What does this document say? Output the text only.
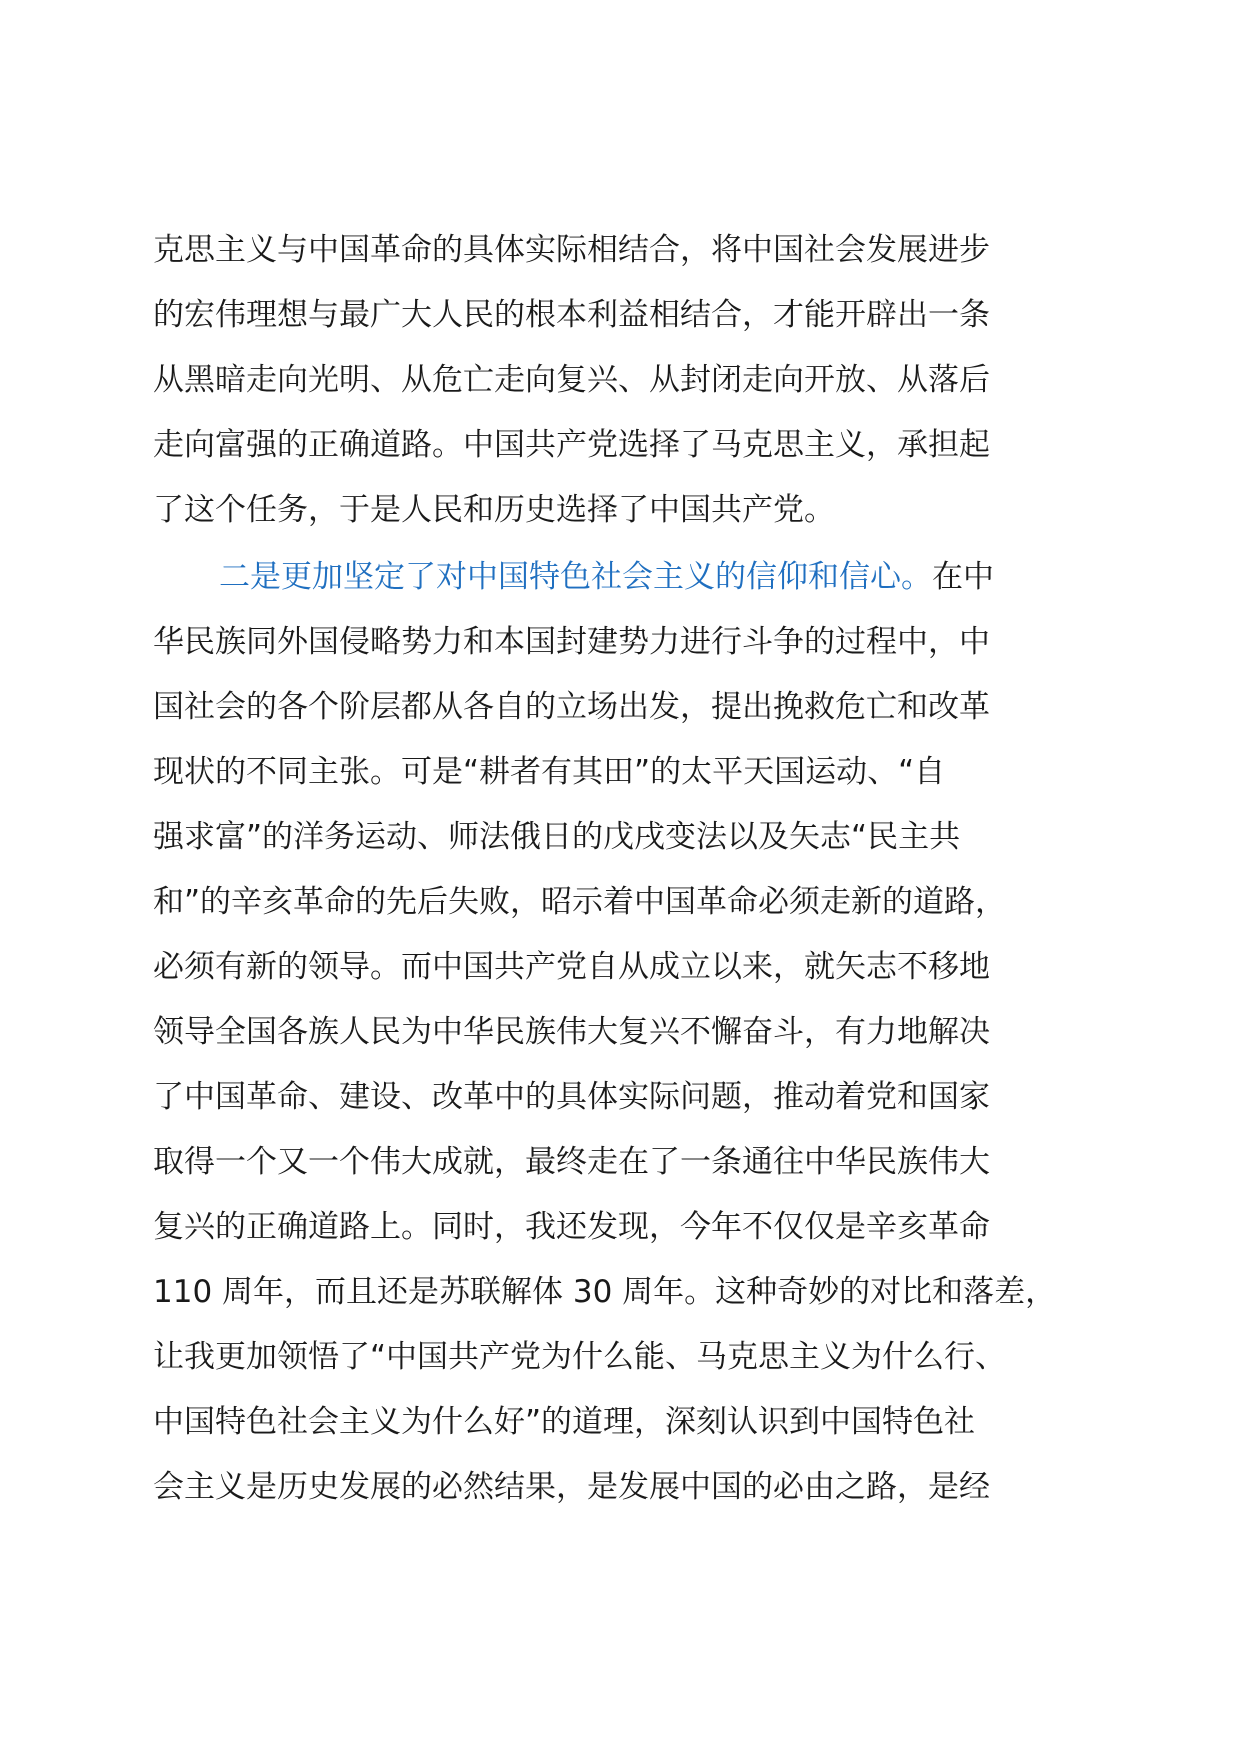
克思主义与中国革命的具体实际相结合，将中国社会发展进步
的宏伟理想与最广大人民的根本利益相结合，才能开辟出一条
从黑暗走向光明、从危亡走向复兴、从封闭走向开放、从落后
走向富强的正确道路。中国共产党选择了马克思主义，承担起
了这个任务，于是人民和历史选择了中国共产党。
二是更加坚定了对中国特色社会主义的信仰和信心。在中
华民族同外国侵略势力和本国封建势力进行斗争的过程中，中
国社会的各个阶层都从各自的立场出发，提出挽救危亡和改革
现状的不同主张。可是“耕者有其田”的太平天国运动、“自
强求富”的洋务运动、师法俄日的戊戌变法以及矢志“民主共
和”的辛亥革命的先后失败，昭示着中国革命必须走新的道路，
必须有新的领导。而中国共产党自从成立以来，就矢志不移地
领导全国各族人民为中华民族伟大复兴不懈奋斗，有力地解决
了中国革命、建设、改革中的具体实际问题，推动着党和国家
取得一个又一个伟大成就，最终走在了一条通往中华民族伟大
复兴的正确道路上。同时，我还发现，今年不仅仅是辛亥革命
110 周年，而且还是苏联解体 30 周年。这种奇妙的对比和落差，
让我更加领悟了“中国共产党为什么能、马克思主义为什么行、
中国特色社会主义为什么好”的道理，深刻认识到中国特色社
会主义是历史发展的必然结果，是发展中国的必由之路，是经
